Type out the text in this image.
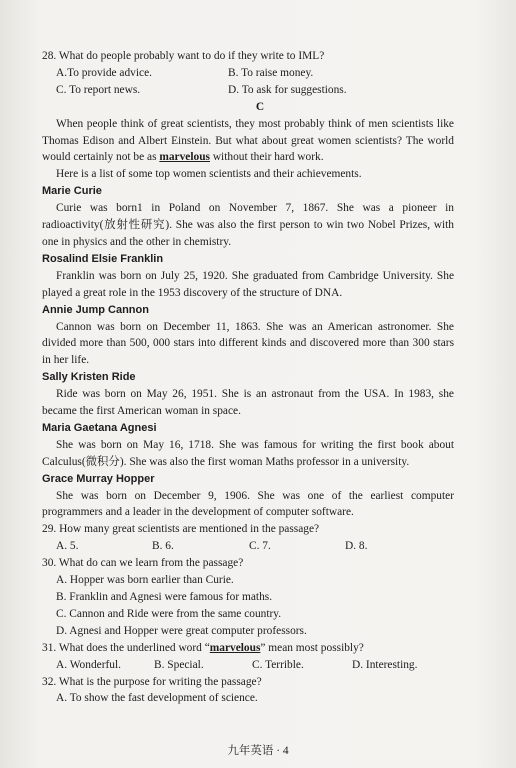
28. What do people probably want to do if they write to IML?

A.To provide advice.	B. To raise money.
C. To report news.	D. To ask for suggestions.

C

When people think of great scientists, they most probably think of men scientists like Thomas Edison and Albert Einstein. But what about great women scientists? The world would certainly not be as marvelous without their hard work.

Here is a list of some top women scientists and their achievements.

Marie Curie

Curie was born1 in Poland on November 7, 1867. She was a pioneer in radioactivity(放射性研究). She was also the first person to win two Nobel Prizes, with one in physics and the other in chemistry.

Rosalind Elsie Franklin

Franklin was born on July 25, 1920. She graduated from Cambridge University. She played a great role in the 1953 discovery of the structure of DNA.

Annie Jump Cannon

Cannon was born on December 11, 1863. She was an American astronomer. She divided more than 500, 000 stars into different kinds and discovered more than 300 stars in her life.

Sally Kristen Ride

Ride was born on May 26, 1951. She is an astronaut from the USA. In 1983, she became the first American woman in space.

Maria Gaetana Agnesi

She was born on May 16, 1718. She was famous for writing the first book about Calculus(微积分). She was also the first woman Maths professor in a university.

Grace Murray Hopper

She was born on December 9, 1906. She was one of the earliest computer programmers and a leader in the development of computer software.

29. How many great scientists are mentioned in the passage?

A. 5.	B. 6.	C. 7.	D. 8.

30. What do can we learn from the passage?

A. Hopper was born earlier than Curie.

B. Franklin and Agnesi were famous for maths.

C. Cannon and Ride were from the same country.

D. Agnesi and Hopper were great computer professors.

31. What does the underlined word “marvelous” mean most possibly?

A. Wonderful.	B. Special.	C. Terrible.	D. Interesting.

32. What is the purpose for writing the passage?

A. To show the fast development of science.

九年英语 · 4
